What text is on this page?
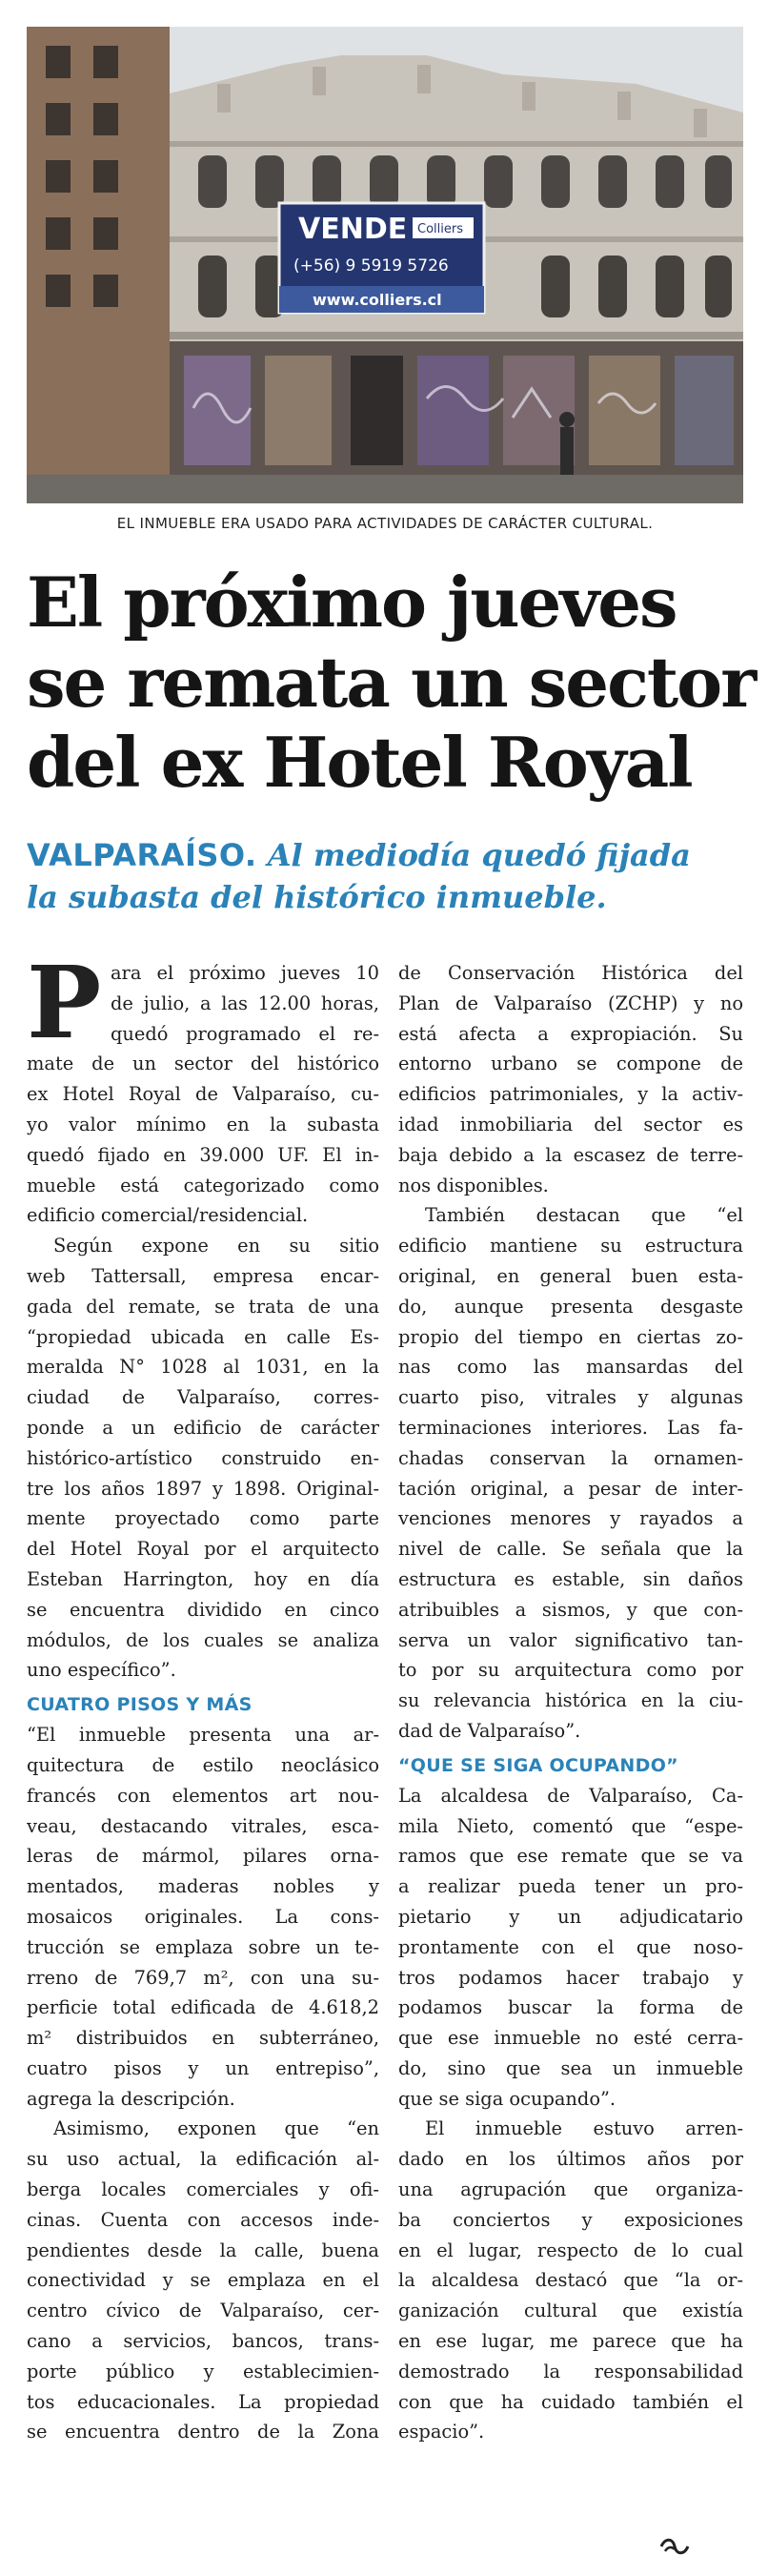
VENDE Colliers
(+56) 9 5919 5726
www.colliers.cl
EL INMUEBLE ERA USADO PARA ACTIVIDADES DE CARÁCTER CULTURAL.
El próximo jueves
se remata un sector
del ex Hotel Royal
VALPARAÍSO. Al mediodía quedó fijada
la subasta del histórico inmueble.
P ara el próximo jueves 10
de julio, a las 12.00 horas,
quedó programado el re-
mate de un sector del histórico
ex Hotel Royal de Valparaíso, cu-
yo valor mínimo en la subasta
quedó fijado en 39.000 UF. El in-
mueble está categorizado como
edificio comercial/residencial.
Según expone en su sitio
web Tattersall, empresa encar-
gada del remate, se trata de una
“propiedad ubicada en calle Es-
meralda N° 1028 al 1031, en la
ciudad de Valparaíso, corres-
ponde a un edificio de carácter
histórico-artístico construido en-
tre los años 1897 y 1898. Original-
mente proyectado como parte
del Hotel Royal por el arquitecto
Esteban Harrington, hoy en día
se encuentra dividido en cinco
módulos, de los cuales se analiza
uno específico”.
CUATRO PISOS Y MÁS
“El inmueble presenta una ar-
quitectura de estilo neoclásico
francés con elementos art nou-
veau, destacando vitrales, esca-
leras de mármol, pilares orna-
mentados, maderas nobles y
mosaicos originales. La cons-
trucción se emplaza sobre un te-
rreno de 769,7 m², con una su-
perficie total edificada de 4.618,2
m² distribuidos en subterráneo,
cuatro pisos y un entrepiso”,
agrega la descripción.
Asimismo, exponen que “en
su uso actual, la edificación al-
berga locales comerciales y ofi-
cinas. Cuenta con accesos inde-
pendientes desde la calle, buena
conectividad y se emplaza en el
centro cívico de Valparaíso, cer-
cano a servicios, bancos, trans-
porte público y establecimien-
tos educacionales. La propiedad
se encuentra dentro de la Zona
de Conservación Histórica del
Plan de Valparaíso (ZCHP) y no
está afecta a expropiación. Su
entorno urbano se compone de
edificios patrimoniales, y la activ-
idad inmobiliaria del sector es
baja debido a la escasez de terre-
nos disponibles.
También destacan que “el
edificio mantiene su estructura
original, en general buen esta-
do, aunque presenta desgaste
propio del tiempo en ciertas zo-
nas como las mansardas del
cuarto piso, vitrales y algunas
terminaciones interiores. Las fa-
chadas conservan la ornamen-
tación original, a pesar de inter-
venciones menores y rayados a
nivel de calle. Se señala que la
estructura es estable, sin daños
atribuibles a sismos, y que con-
serva un valor significativo tan-
to por su arquitectura como por
su relevancia histórica en la ciu-
dad de Valparaíso”.
“QUE SE SIGA OCUPANDO”
La alcaldesa de Valparaíso, Ca-
mila Nieto, comentó que “espe-
ramos que ese remate que se va
a realizar pueda tener un pro-
pietario y un adjudicatario
prontamente con el que noso-
tros podamos hacer trabajo y
podamos buscar la forma de
que ese inmueble no esté cerra-
do, sino que sea un inmueble
que se siga ocupando”.
El inmueble estuvo arren-
dado en los últimos años por
una agrupación que organiza-
ba conciertos y exposiciones
en el lugar, respecto de lo cual
la alcaldesa destacó que “la or-
ganización cultural que existía
en ese lugar, me parece que ha
demostrado la responsabilidad
con que ha cuidado también el
espacio”.
